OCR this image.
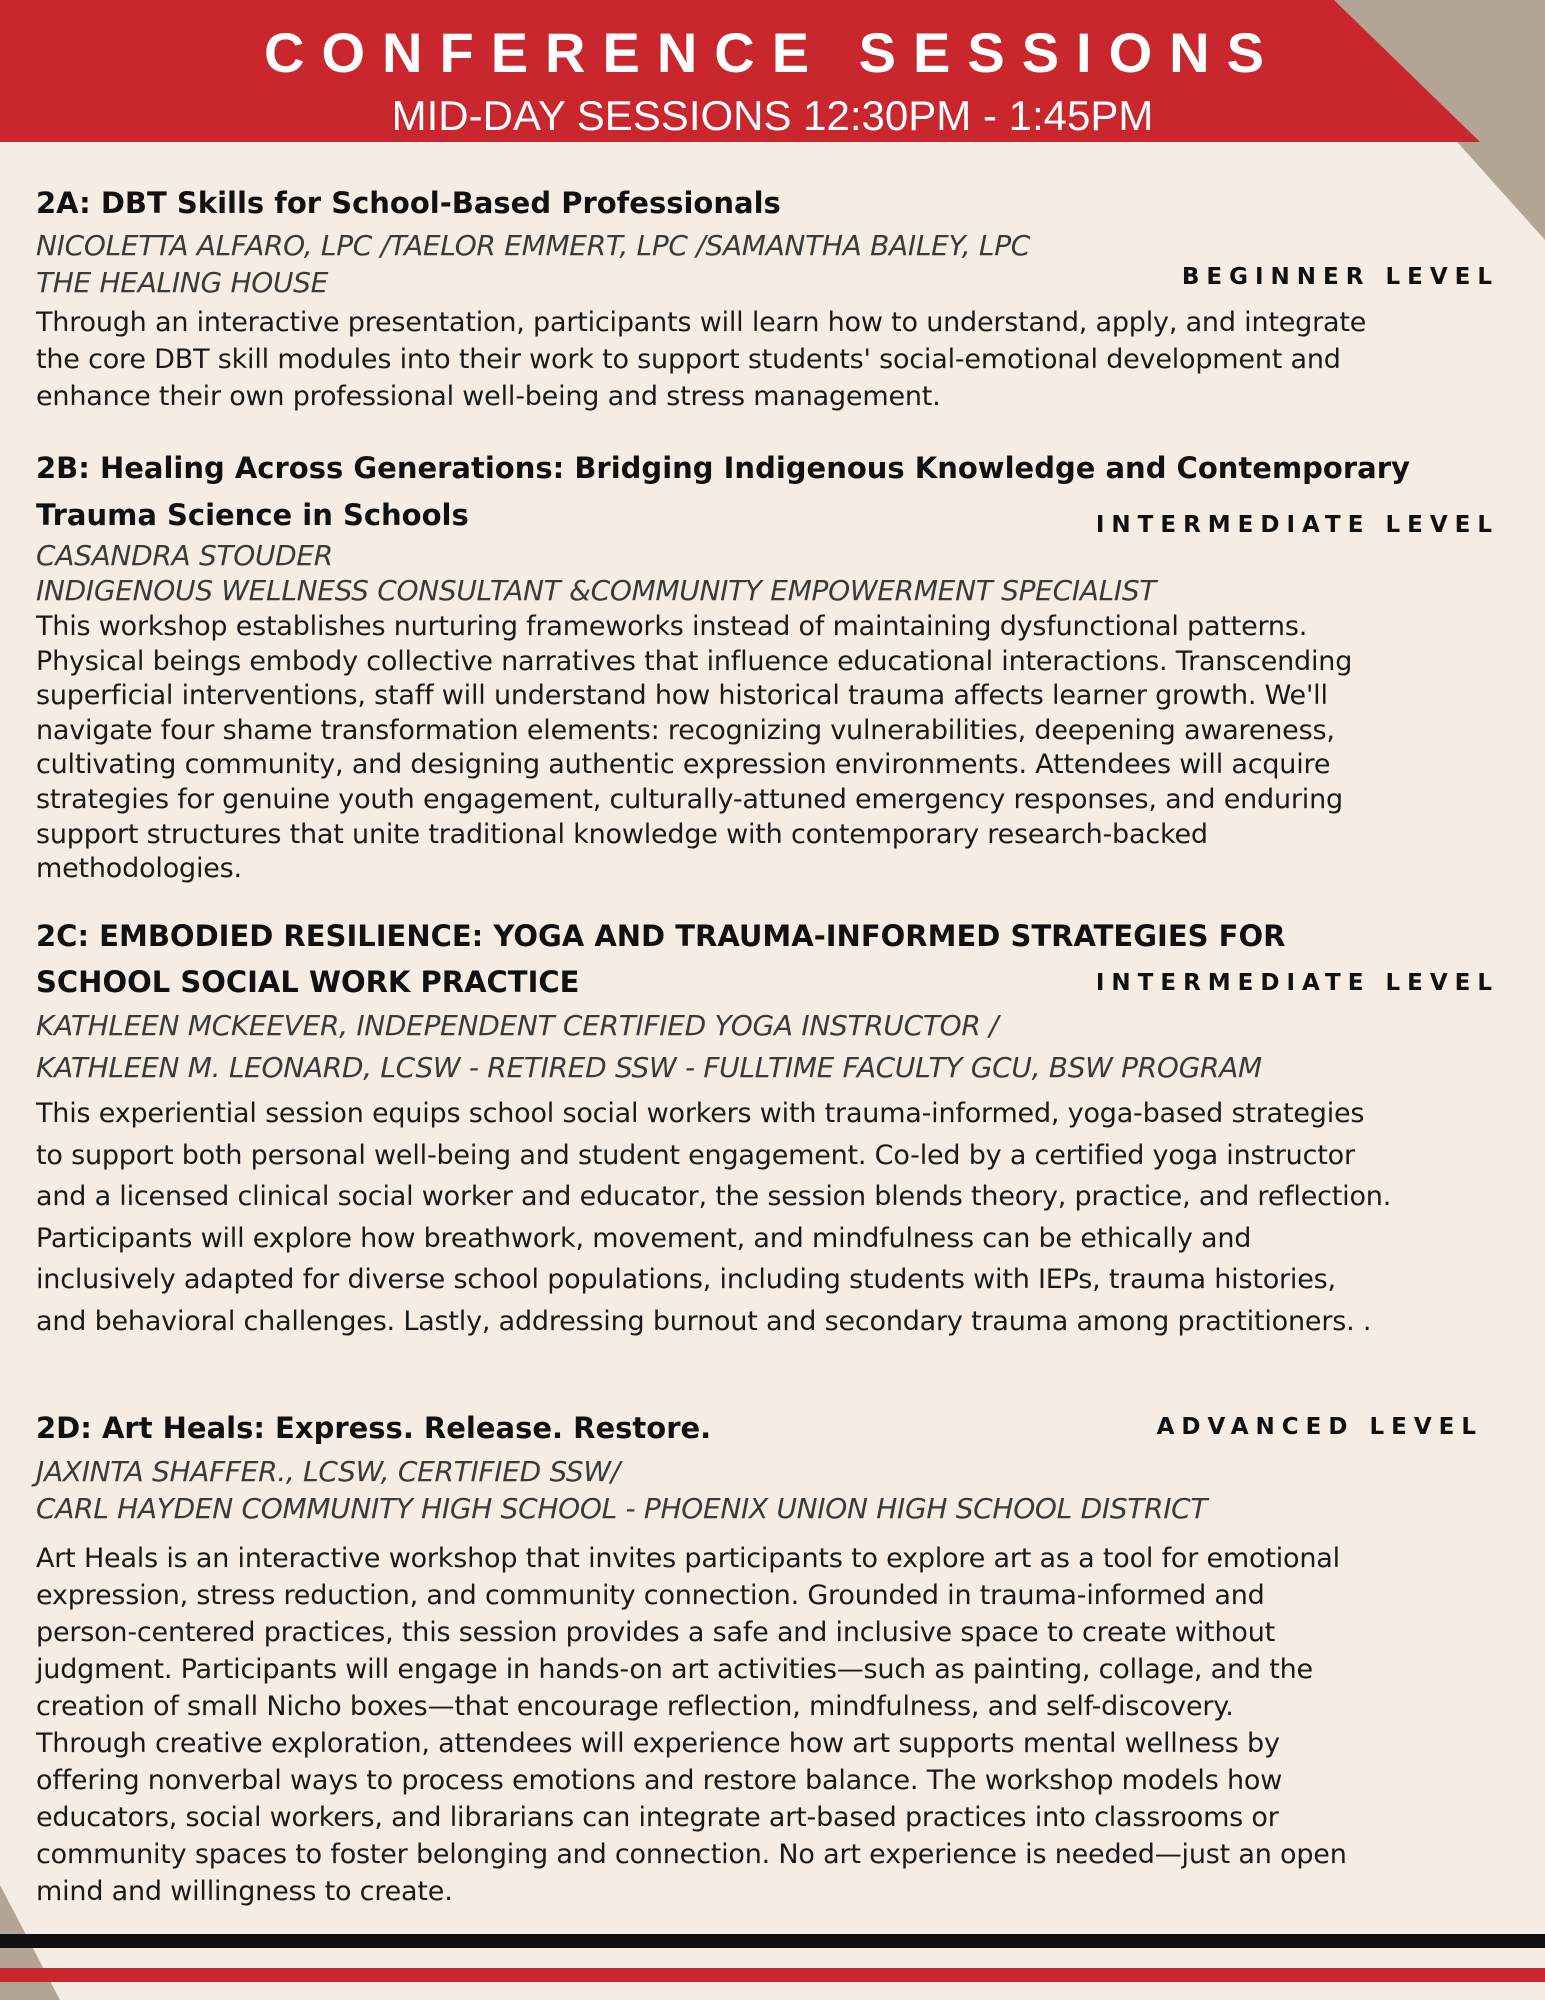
CONFERENCE SESSIONS
MID-DAY SESSIONS 12:30PM - 1:45PM
2A: DBT Skills for School-Based Professionals
BEGINNER LEVEL
NICOLETTA ALFARO, LPC /TAELOR EMMERT, LPC /SAMANTHA BAILEY, LPC
THE HEALING HOUSE
Through an interactive presentation, participants will learn how to understand, apply, and integrate
the core DBT skill modules into their work to support students' social-emotional development and
enhance their own professional well-being and stress management.
2B: Healing Across Generations: Bridging Indigenous Knowledge and Contemporary
Trauma Science in Schools	INTERMEDIATE LEVEL
CASANDRA STOUDER
INDIGENOUS WELLNESS CONSULTANT &COMMUNITY EMPOWERMENT SPECIALIST
This workshop establishes nurturing frameworks instead of maintaining dysfunctional patterns.
Physical beings embody collective narratives that influence educational interactions. Transcending
superficial interventions, staff will understand how historical trauma affects learner growth. We'll
navigate four shame transformation elements: recognizing vulnerabilities, deepening awareness,
cultivating community, and designing authentic expression environments. Attendees will acquire
strategies for genuine youth engagement, culturally-attuned emergency responses, and enduring
support structures that unite traditional knowledge with contemporary research-backed
methodologies.
2C: EMBODIED RESILIENCE: YOGA AND TRAUMA-INFORMED STRATEGIES FOR
SCHOOL SOCIAL WORK PRACTICE	INTERMEDIATE LEVEL
KATHLEEN MCKEEVER, INDEPENDENT CERTIFIED YOGA INSTRUCTOR /
KATHLEEN M. LEONARD, LCSW - RETIRED SSW - FULLTIME FACULTY GCU, BSW PROGRAM
This experiential session equips school social workers with trauma-informed, yoga-based strategies
to support both personal well-being and student engagement. Co-led by a certified yoga instructor
and a licensed clinical social worker and educator, the session blends theory, practice, and reflection.
Participants will explore how breathwork, movement, and mindfulness can be ethically and
inclusively adapted for diverse school populations, including students with IEPs, trauma histories,
and behavioral challenges. Lastly, addressing burnout and secondary trauma among practitioners. .
2D: Art Heals: Express. Release. Restore.	ADVANCED LEVEL
JAXINTA SHAFFER., LCSW, CERTIFIED SSW/
CARL HAYDEN COMMUNITY HIGH SCHOOL - PHOENIX UNION HIGH SCHOOL DISTRICT
Art Heals is an interactive workshop that invites participants to explore art as a tool for emotional
expression, stress reduction, and community connection. Grounded in trauma-informed and
person-centered practices, this session provides a safe and inclusive space to create without
judgment. Participants will engage in hands-on art activities—such as painting, collage, and the
creation of small Nicho boxes—that encourage reflection, mindfulness, and self-discovery.
Through creative exploration, attendees will experience how art supports mental wellness by
offering nonverbal ways to process emotions and restore balance. The workshop models how
educators, social workers, and librarians can integrate art-based practices into classrooms or
community spaces to foster belonging and connection. No art experience is needed—just an open
mind and willingness to create.
